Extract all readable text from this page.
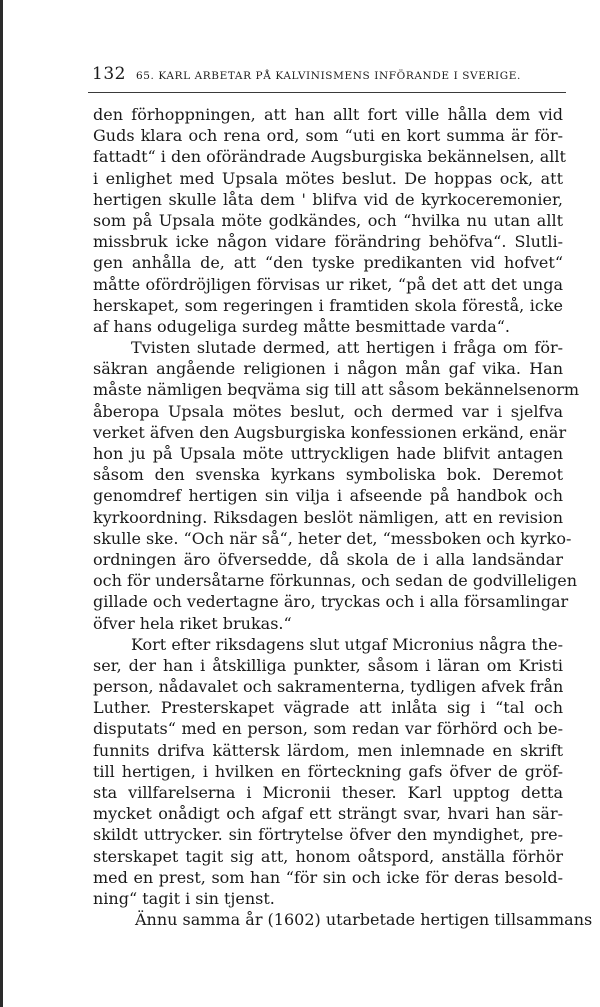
132 65. KARL ARBETAR PÅ KALVINISMENS INFÖRANDE I SVERIGE.
den förhoppningen, att han allt fort ville hålla dem vid
Guds klara och rena ord, som “uti en kort summa är för-
fattadt“ i den oförändrade Augsburgiska bekännelsen, allt
i enlighet med Upsala mötes beslut. De hoppas ock, att
hertigen skulle låta dem ' blifva vid de kyrkoceremonier,
som på Upsala möte godkändes, och “hvilka nu utan allt
missbruk icke någon vidare förändring behöfva“. Slutli-
gen anhålla de, att “den tyske predikanten vid hofvet“
måtte ofördröjligen förvisas ur riket, “på det att det unga
herskapet, som regeringen i framtiden skola förestå, icke
af hans odugeliga surdeg måtte besmittade varda“.
Tvisten slutade dermed, att hertigen i fråga om för-
säkran angående religionen i någon mån gaf vika. Han
måste nämligen beqväma sig till att såsom bekännelsenorm
åberopa Upsala mötes beslut, och dermed var i sjelfva
verket äfven den Augsburgiska konfessionen erkänd, enär
hon ju på Upsala möte uttryckligen hade blifvit antagen
såsom den svenska kyrkans symboliska bok. Deremot
genomdref hertigen sin vilja i afseende på handbok och
kyrkoordning. Riksdagen beslöt nämligen, att en revision
skulle ske. “Och när så“, heter det, “messboken och kyrko-
ordningen äro öfversedde, då skola de i alla landsändar
och för undersåtarne förkunnas, och sedan de godvilleligen
gillade och vedertagne äro, tryckas och i alla församlingar
öfver hela riket brukas.“
Kort efter riksdagens slut utgaf Micronius några the-
ser, der han i åtskilliga punkter, såsom i läran om Kristi
person, nådavalet och sakramenterna, tydligen afvek från
Luther. Presterskapet vägrade att inlåta sig i “tal och
disputats“ med en person, som redan var förhörd och be-
funnits drifva kättersk lärdom, men inlemnade en skrift
till hertigen, i hvilken en förteckning gafs öfver de gröf-
sta villfarelserna i Micronii theser. Karl upptog detta
mycket onådigt och afgaf ett strängt svar, hvari han sär-
skildt uttrycker. sin förtrytelse öfver den myndighet, pre-
sterskapet tagit sig att, honom oåtspord, anställa förhör
med en prest, som han “för sin och icke för deras besold-
ning“ tagit i sin tjenst.
Ännu samma år (1602) utarbetade hertigen tillsammans
